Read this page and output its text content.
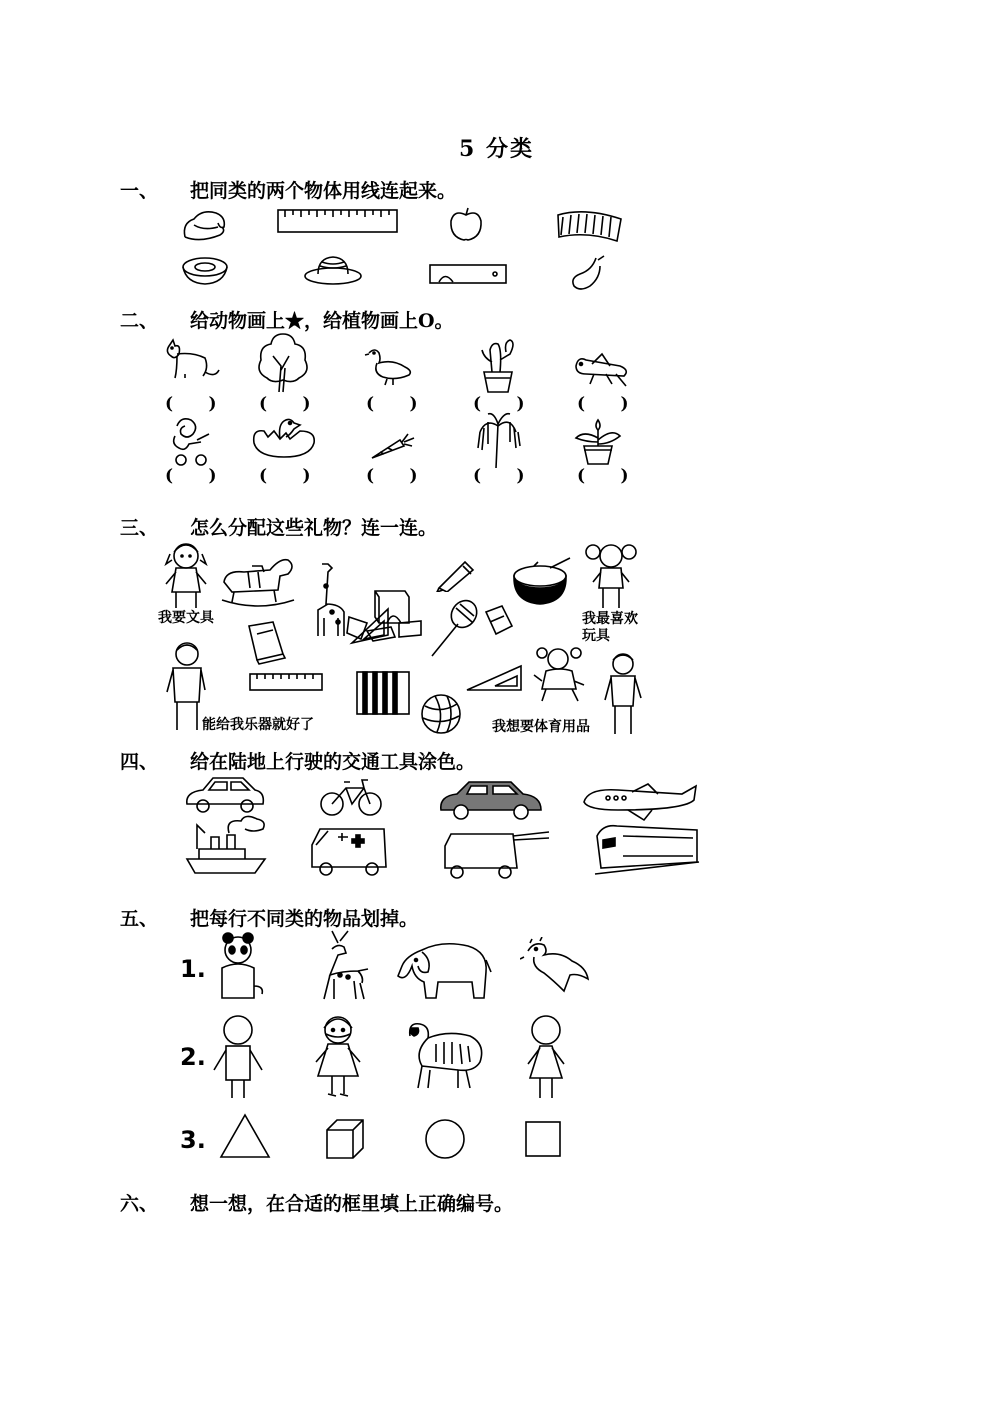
5 分类
一、 把同类的两个物体用线连起来。
二、 给动物画上★，给植物画上O。
三、 怎么分配这些礼物？连一连。
四、 给在陆地上行驶的交通工具涂色。
五、 把每行不同类的物品划掉。
六、 想一想，在合适的框里填上正确编号。
(      ) (      )	(      )	(      )	(      )
(      ) (      )	(      )	(      )	(      )
我要文具	我最喜欢
玩具
能给我乐器就好了	我想要体育用品
1.
2.
3.
